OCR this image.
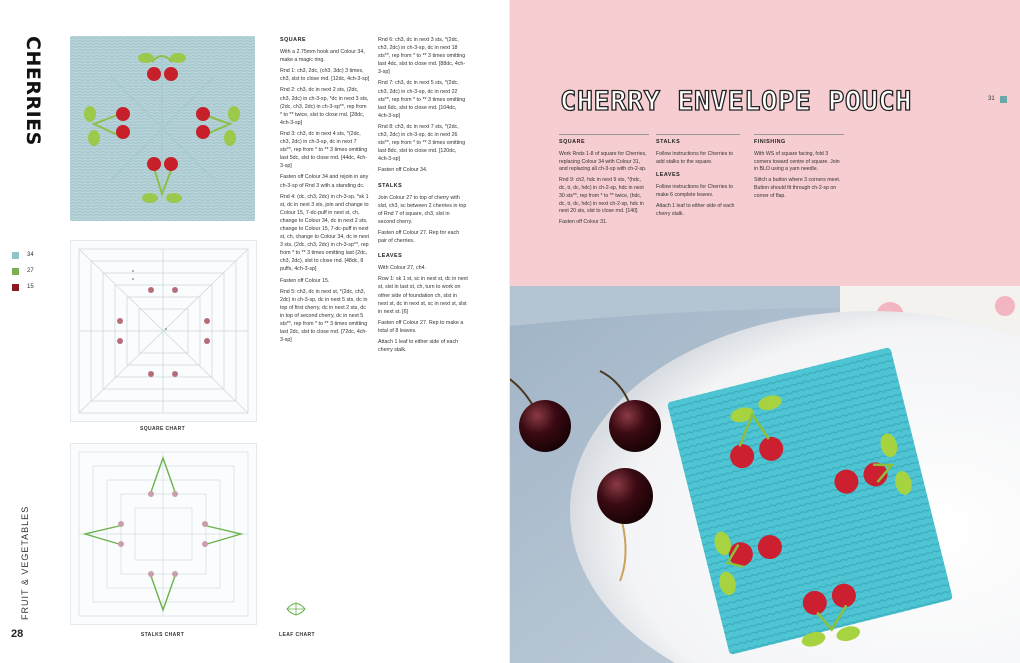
CHERRIES
34
27
15
FRUIT & VEGETABLES
28
SQUARE CHART
STALKS CHART	LEAF CHART
SQUARE

With a 2.75mm hook and Colour 34, make a magic ring.

Rnd 1: ch3, 2dc, (ch3, 3dc) 3 times, ch3, slst to close rnd. [12dc, 4ch-3-sp]

Rnd 2: ch3, dc in next 2 sts, (2dc, ch3, 2dc) in ch-3-sp, *dc in next 3 sts, (2dc, ch3, 2dc) in ch-3-sp**, rep from * to ** twice, slst to close rnd. [28dc, 4ch-3-sp]

Rnd 3: ch3, dc in next 4 sts, *(2dc, ch3, 2dc) in ch-3-sp, dc in next 7 sts**, rep from * to ** 3 times omitting last 5dc, slst to close rnd. [44dc, 4ch-3-sp]

Fasten off Colour 34 and rejoin in any ch-3-sp of Rnd 3 with a standing dc.

Rnd 4: (dc, ch3, 2dc) in ch-3-sp, *sk 1 st, dc in next 3 sts, join and change to Colour 15, 7-dc-puff in next st, ch, change to Colour 34, dc in next 2 sts, change to Colour 15, 7-dc-puff in next st, ch, change to Colour 34, dc in next 3 sts, (2dc, ch3, 2dc) in ch-3-sp**, rep from * to ** 3 times omitting last (2dc, ch3, 2dc), slst to close rnd. [48dc, 8 puffs, 4ch-3-sp]

Fasten off Colour 15.

Rnd 5: ch3, dc in next st, *(2dc, ch3, 2dc) in ch-3-sp, dc in next 5 sts, dc in top of first cherry, dc in next 2 sts, dc in top of second cherry, dc in next 5 sts**, rep from * to ** 3 times omitting last 2dc, slst to close rnd. [72dc, 4ch-3-sp]

Rnd 6: ch3, dc in next 3 sts, *(2dc, ch3, 2dc) in ch-3-sp, dc in next 18 sts**, rep from * to ** 3 times omitting last 4dc, slst to close rnd. [88dc, 4ch-3-sp]

Rnd 7: ch3, dc in next 5 sts, *(2dc, ch3, 2dc) in ch-3-sp, dc in next 22 sts**, rep from * to ** 3 times omitting last 6dc, slst to close rnd. [104dc, 4ch-3-sp]

Rnd 8: ch3, dc in next 7 sts, *(2dc, ch3, 2dc) in ch-3-sp, dc in next 26 sts**, rep from * to ** 3 times omitting last 8dc, slst to close rnd. [120dc, 4ch-3-sp]

Fasten off Colour 34.

STALKS

Join Colour 27 to top of cherry with slst, ch3, sc between 2 cherries in top of Rnd 7 of square, ch3, slst in second cherry.

Fasten off Colour 27. Rep for each pair of cherries.

LEAVES

With Colour 27, ch4.

Row 1: sk 1 st, sc in next st, dc in next st, slst in last st, ch, turn to work on other side of foundation ch, slst in next st, dc in next st, sc in next st, slst in next st. [6]

Fasten off Colour 27. Rep to make a total of 8 leaves.

Attach 1 leaf to either side of each cherry stalk.

CHERRY ENVELOPE POUCH	31
SQUARE

Work Rnds 1-8 of square for Cherries, replacing Colour 34 with Colour 31, and replacing all ch-3-sp with ch-2-sp.

Rnd 9: ch2, hdc in next 9 sts, *(hdc, dc, tr, dc, hdc) in ch-2-sp, hdc in next 30 sts**, rep from * to ** twice, (hdc, dc, tr, dc, hdc) in next ch-2-sp, hdc in next 20 sts, slst to close rnd. [140]

Fasten off Colour 31.

STALKS

Follow instructions for Cherries to add stalks to the square.

LEAVES

Follow instructions for Cherries to make 6 complete leaves.

Attach 1 leaf to either side of each cherry stalk.

FINISHING

With WS of square facing, fold 3 corners toward centre of square. Join in BLO using a yarn needle.

Stitch a button where 3 corners meet. Button should fit through ch-2-sp on corner of flap.
